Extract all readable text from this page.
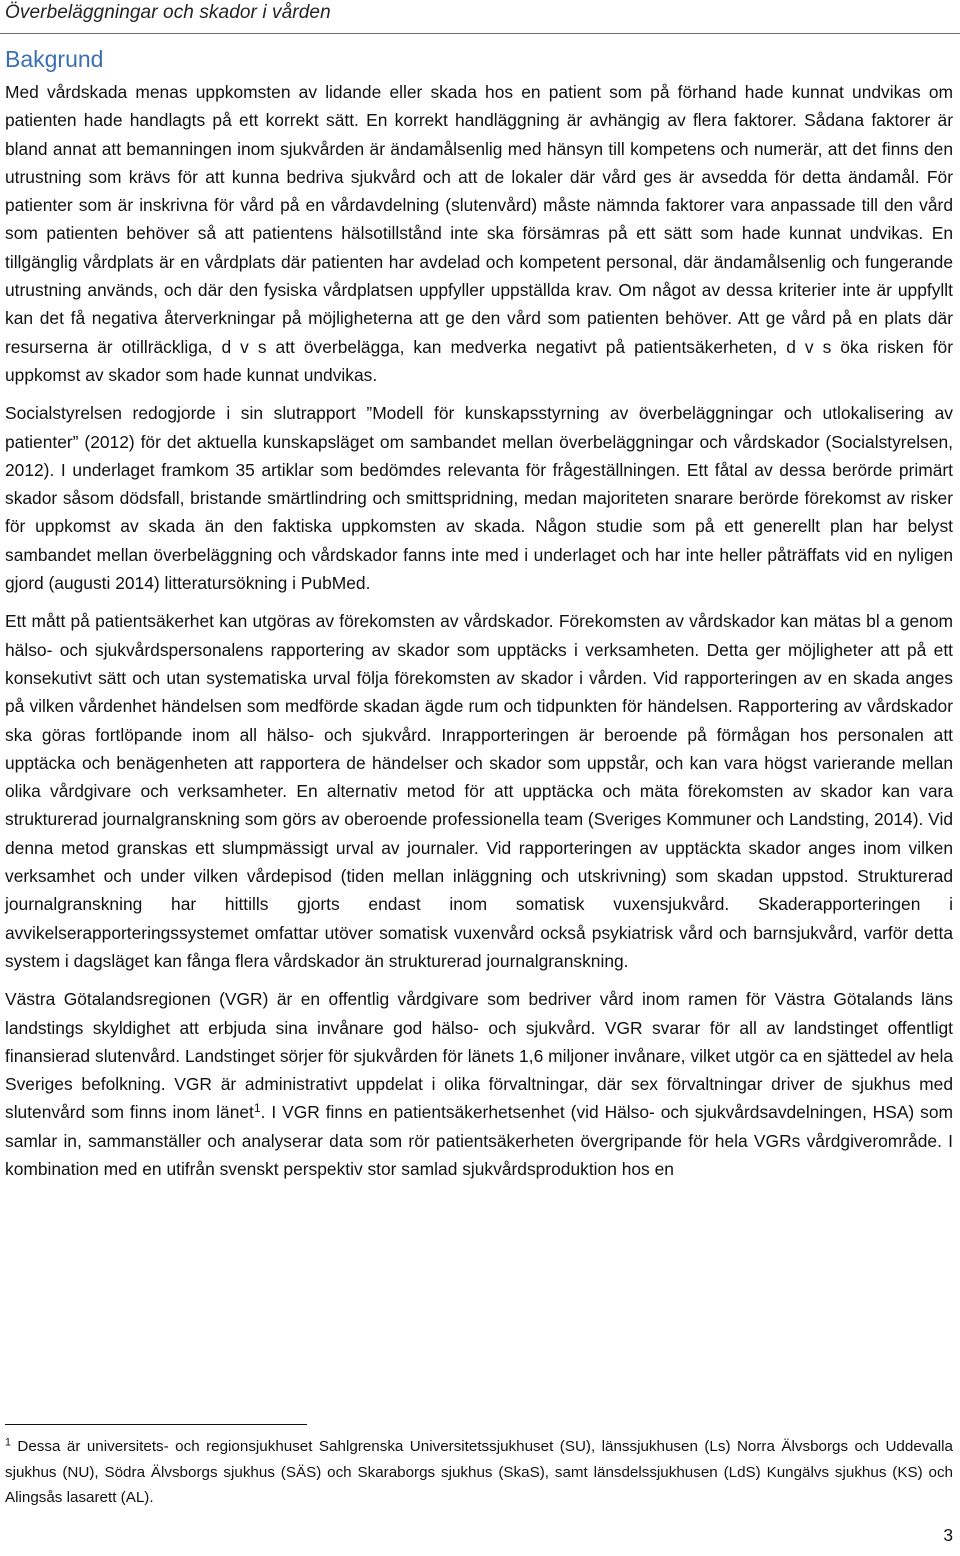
Överbeläggningar och skador i vården
Bakgrund

Med vårdskada menas uppkomsten av lidande eller skada hos en patient som på förhand hade kunnat undvikas om patienten hade handlagts på ett korrekt sätt. En korrekt handläggning är avhängig av flera faktorer. Sådana faktorer är bland annat att bemanningen inom sjukvården är ändamålsenlig med hänsyn till kompetens och numerär, att det finns den utrustning som krävs för att kunna bedriva sjukvård och att de lokaler där vård ges är avsedda för detta ändamål. För patienter som är inskrivna för vård på en vårdavdelning (slutenvård) måste nämnda faktorer vara anpassade till den vård som patienten behöver så att patientens hälsotillstånd inte ska försämras på ett sätt som hade kunnat undvikas. En tillgänglig vårdplats är en vårdplats där patienten har avdelad och kompetent personal, där ändamålsenlig och fungerande utrustning används, och där den fysiska vårdplatsen uppfyller uppställda krav. Om något av dessa kriterier inte är uppfyllt kan det få negativa återverkningar på möjligheterna att ge den vård som patienten behöver. Att ge vård på en plats där resurserna är otillräckliga, d v s att överbelägga, kan medverka negativt på patientsäkerheten, d v s öka risken för uppkomst av skador som hade kunnat undvikas.

Socialstyrelsen redogjorde i sin slutrapport ”Modell för kunskapsstyrning av överbeläggningar och utlokalisering av patienter” (2012) för det aktuella kunskapsläget om sambandet mellan överbeläggningar och vårdskador (Socialstyrelsen, 2012). I underlaget framkom 35 artiklar som bedömdes relevanta för frågeställningen. Ett fåtal av dessa berörde primärt skador såsom dödsfall, bristande smärtlindring och smittspridning, medan majoriteten snarare berörde förekomst av risker för uppkomst av skada än den faktiska uppkomsten av skada. Någon studie som på ett generellt plan har belyst sambandet mellan överbeläggning och vårdskador fanns inte med i underlaget och har inte heller påträffats vid en nyligen gjord (augusti 2014) litteratursökning i PubMed.

Ett mått på patientsäkerhet kan utgöras av förekomsten av vårdskador. Förekomsten av vårdskador kan mätas bl a genom hälso- och sjukvårdspersonalens rapportering av skador som upptäcks i verksamheten. Detta ger möjligheter att på ett konsekutivt sätt och utan systematiska urval följa förekomsten av skador i vården. Vid rapporteringen av en skada anges på vilken vårdenhet händelsen som medförde skadan ägde rum och tidpunkten för händelsen. Rapportering av vårdskador ska göras fortlöpande inom all hälso- och sjukvård. Inrapporteringen är beroende på förmågan hos personalen att upptäcka och benägenheten att rapportera de händelser och skador som uppstår, och kan vara högst varierande mellan olika vårdgivare och verksamheter. En alternativ metod för att upptäcka och mäta förekomsten av skador kan vara strukturerad journalgranskning som görs av oberoende professionella team (Sveriges Kommuner och Landsting, 2014). Vid denna metod granskas ett slumpmässigt urval av journaler. Vid rapporteringen av upptäckta skador anges inom vilken verksamhet och under vilken vårdepisod (tiden mellan inläggning och utskrivning) som skadan uppstod. Strukturerad journalgranskning har hittills gjorts endast inom somatisk vuxensjukvård. Skaderapporteringen i avvikelserapporteringssystemet omfattar utöver somatisk vuxenvård också psykiatrisk vård och barnsjukvård, varför detta system i dagsläget kan fånga flera vårdskador än strukturerad journalgranskning.

Västra Götalandsregionen (VGR) är en offentlig vårdgivare som bedriver vård inom ramen för Västra Götalands läns landstings skyldighet att erbjuda sina invånare god hälso- och sjukvård. VGR svarar för all av landstinget offentligt finansierad slutenvård. Landstinget sörjer för sjukvården för länets 1,6 miljoner invånare, vilket utgör ca en sjättedel av hela Sveriges befolkning. VGR är administrativt uppdelat i olika förvaltningar, där sex förvaltningar driver de sjukhus med slutenvård som finns inom länet$^1$. I VGR finns en patientsäkerhetsenhet (vid Hälso- och sjukvårdsavdelningen, HSA) som samlar in, sammanställer och analyserar data som rör patientsäkerheten övergripande för hela VGRs vårdgiverområde. I kombination med en utifrån svenskt perspektiv stor samlad sjukvårdsproduktion hos en

$^1$ Dessa är universitets- och regionsjukhuset Sahlgrenska Universitetssjukhuset (SU), länssjukhusen (Ls) Norra Älvsborgs och Uddevalla sjukhus (NU), Södra Älvsborgs sjukhus (SÄS) och Skaraborgs sjukhus (SkaS), samt länsdelssjukhusen (LdS) Kungälvs sjukhus (KS) och Alingsås lasarett (AL).
3
